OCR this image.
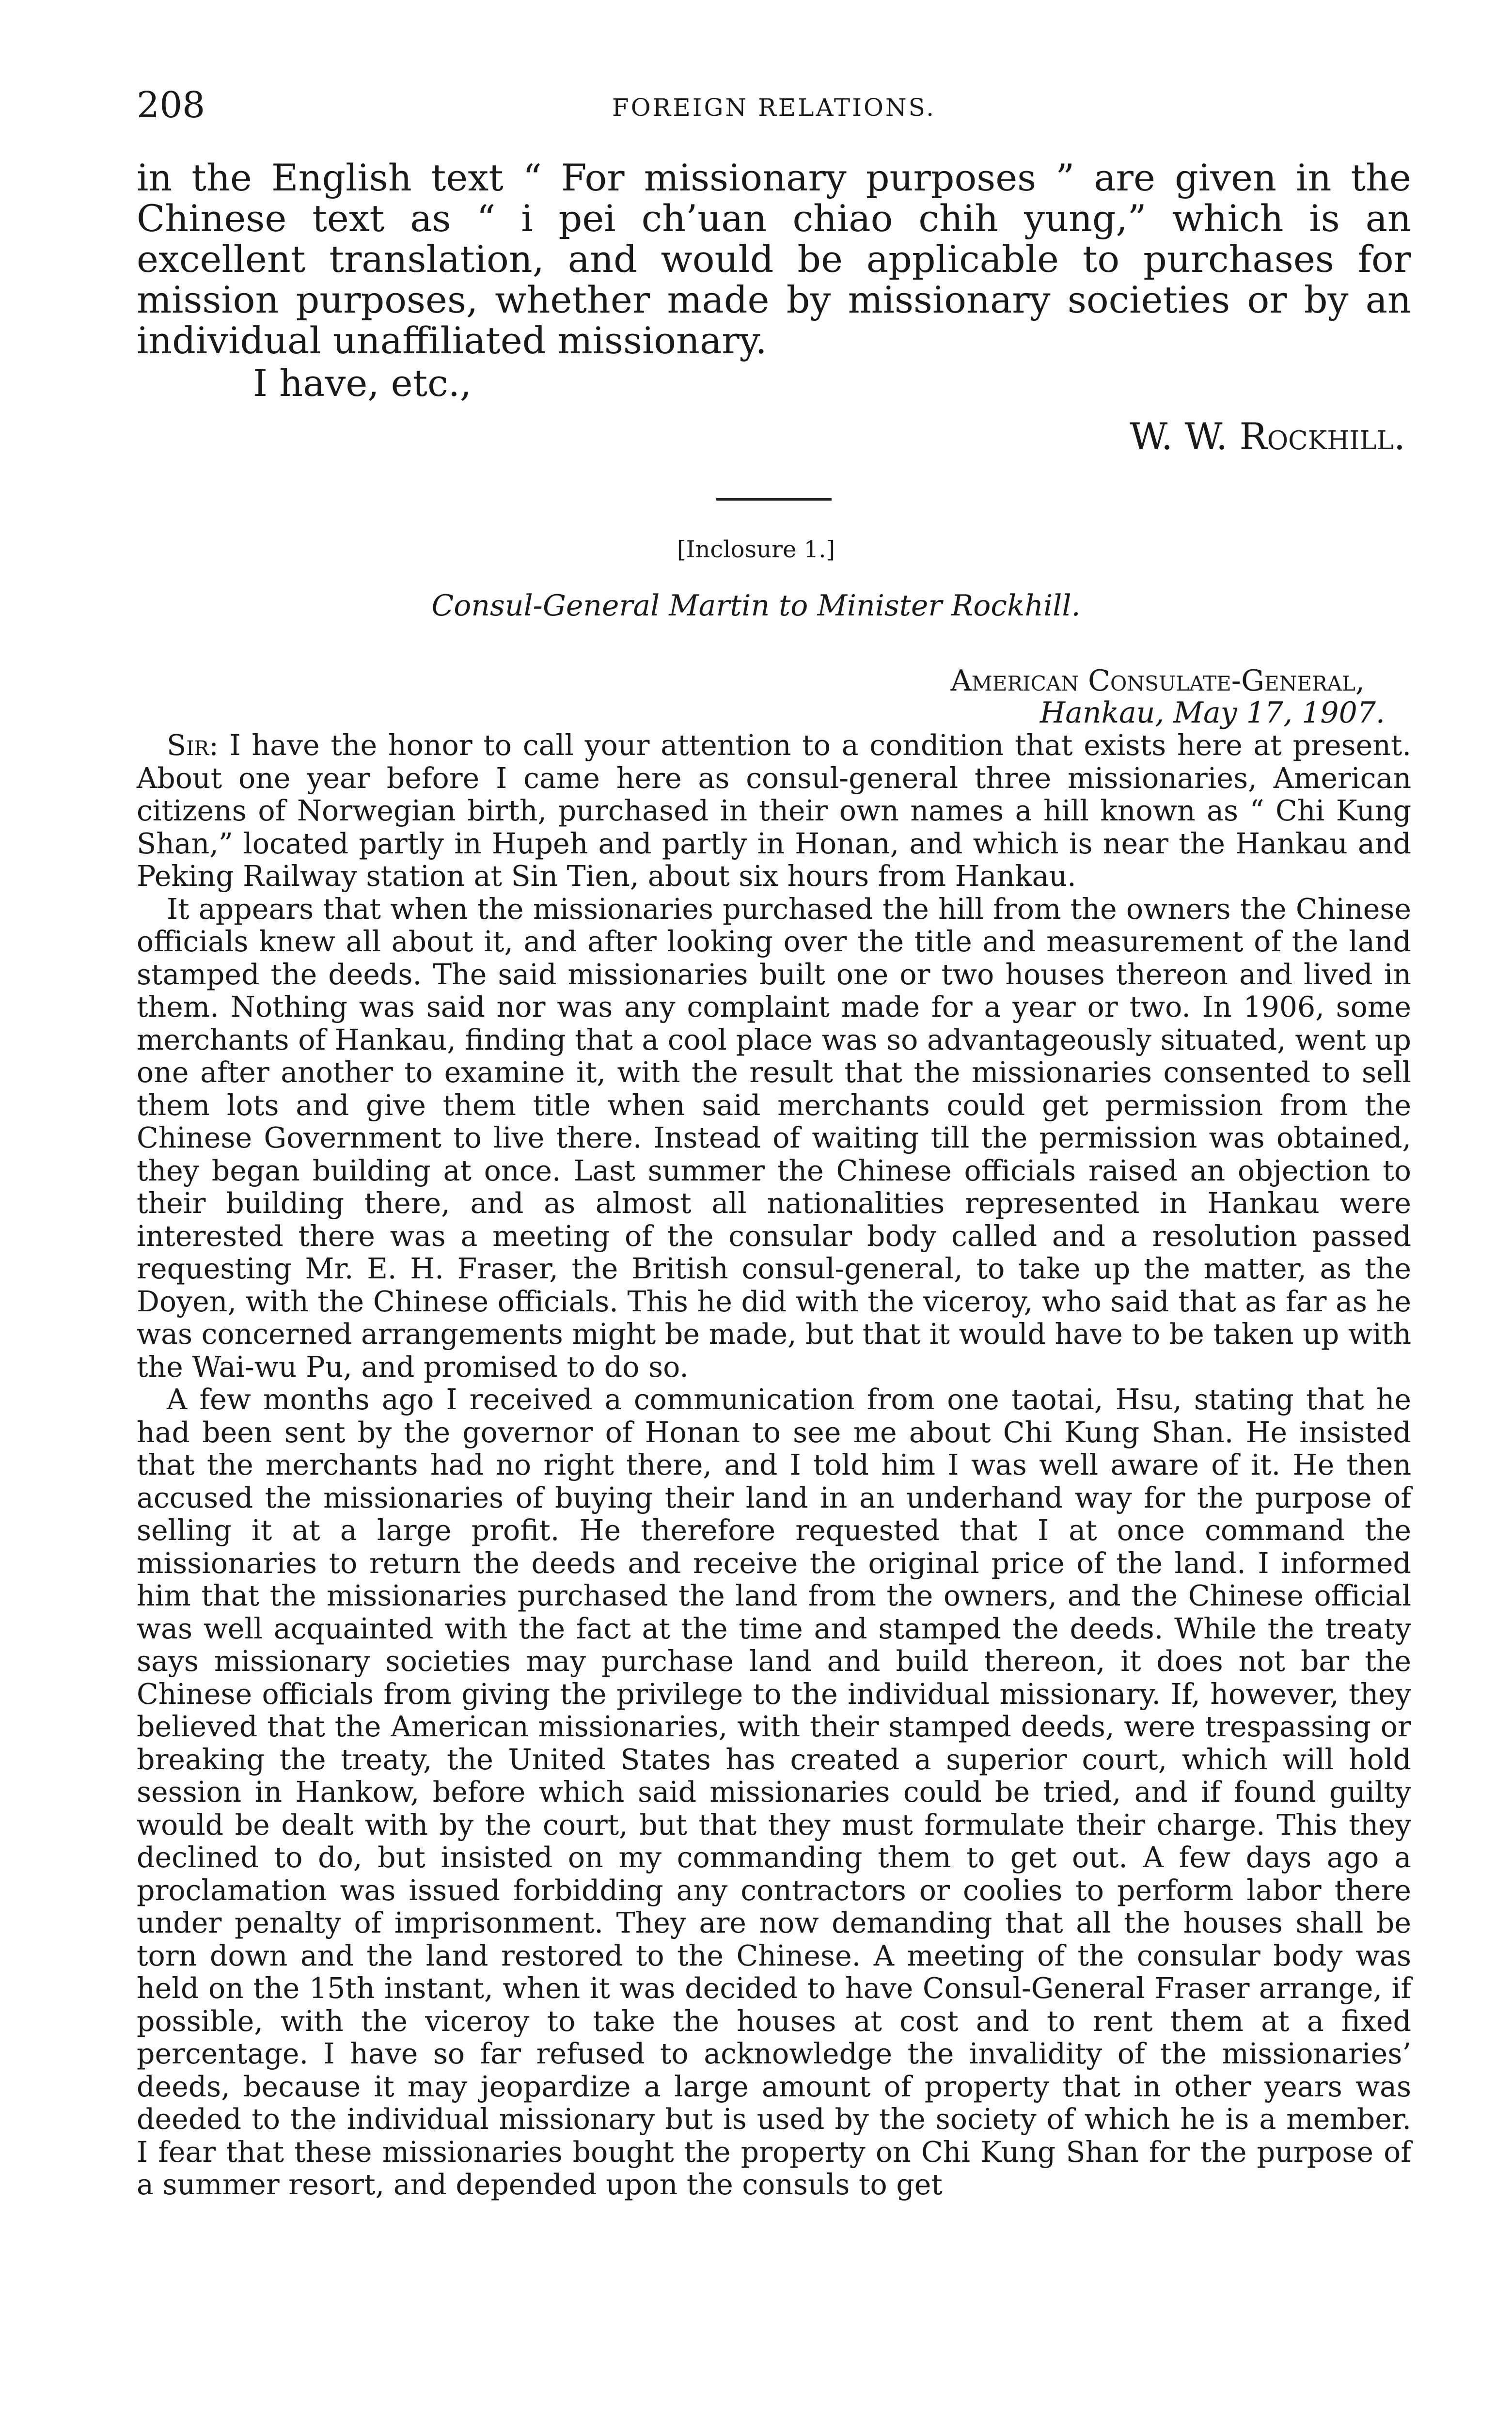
208	FOREIGN RELATIONS.

in the English text “ For missionary purposes ” are given in the Chinese text as “ i pei ch’uan chiao chih yung,” which is an excellent translation, and would be applicable to purchases for mission purposes, whether made by missionary societies or by an individual unaffiliated missionary.

I have, etc.,

W. W. Rockhill.

[Inclosure 1.]
Consul-General Martin to Minister Rockhill.
American Consulate-General,
Hankau, May 17, 1907.

Sir: I have the honor to call your attention to a condition that exists here at present. About one year before I came here as consul-general three missionaries, American citizens of Norwegian birth, purchased in their own names a hill known as “ Chi Kung Shan,” located partly in Hupeh and partly in Honan, and which is near the Hankau and Peking Railway station at Sin Tien, about six hours from Hankau.

It appears that when the missionaries purchased the hill from the owners the Chinese officials knew all about it, and after looking over the title and measurement of the land stamped the deeds. The said missionaries built one or two houses thereon and lived in them. Nothing was said nor was any complaint made for a year or two. In 1906, some merchants of Hankau, finding that a cool place was so advantageously situated, went up one after another to examine it, with the result that the missionaries consented to sell them lots and give them title when said merchants could get permission from the Chinese Government to live there. Instead of waiting till the permission was obtained, they began building at once. Last summer the Chinese officials raised an objection to their building there, and as almost all nationalities represented in Hankau were interested there was a meeting of the consular body called and a resolution passed requesting Mr. E. H. Fraser, the British consul-general, to take up the matter, as the Doyen, with the Chinese officials. This he did with the viceroy, who said that as far as he was concerned arrangements might be made, but that it would have to be taken up with the Wai-wu Pu, and promised to do so.

A few months ago I received a communication from one taotai, Hsu, stating that he had been sent by the governor of Honan to see me about Chi Kung Shan. He insisted that the merchants had no right there, and I told him I was well aware of it. He then accused the missionaries of buying their land in an underhand way for the purpose of selling it at a large profit. He therefore requested that I at once command the missionaries to return the deeds and receive the original price of the land. I informed him that the missionaries purchased the land from the owners, and the Chinese official was well acquainted with the fact at the time and stamped the deeds. While the treaty says missionary societies may purchase land and build thereon, it does not bar the Chinese officials from giving the privilege to the individual missionary. If, however, they believed that the American missionaries, with their stamped deeds, were trespassing or breaking the treaty, the United States has created a superior court, which will hold session in Hankow, before which said missionaries could be tried, and if found guilty would be dealt with by the court, but that they must formulate their charge. This they declined to do, but insisted on my commanding them to get out. A few days ago a proclamation was issued forbidding any contractors or coolies to perform labor there under penalty of imprisonment. They are now demanding that all the houses shall be torn down and the land restored to the Chinese. A meeting of the consular body was held on the 15th instant, when it was decided to have Consul-General Fraser arrange, if possible, with the viceroy to take the houses at cost and to rent them at a fixed percentage. I have so far refused to acknowledge the invalidity of the missionaries’ deeds, because it may jeopardize a large amount of property that in other years was deeded to the individual missionary but is used by the society of which he is a member. I fear that these missionaries bought the property on Chi Kung Shan for the purpose of a summer resort, and depended upon the consuls to get
